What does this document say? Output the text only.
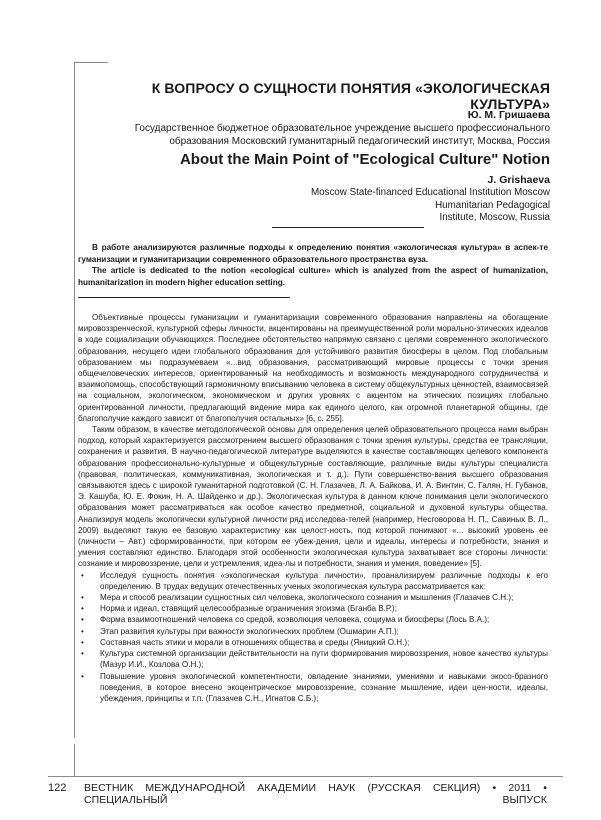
К ВОПРОСУ О СУЩНОСТИ ПОНЯТИЯ «ЭКОЛОГИЧЕСКАЯ КУЛЬТУРА»
Ю. М. Гришаева
Государственное бюджетное образовательное учреждение высшего профессионального
образования Московский гуманитарный педагогический институт, Москва, Россия
About the Main Point of "Ecological Culture" Notion
J. Grishaeva
Moscow State-financed Educational Institution Moscow Humanitarian Pedagogical
Institute, Moscow, Russia

В работе анализируются различные подходы к определению понятия «экологическая культура» в аспек-те гуманизации и гуманитаризации современного образовательного пространства вуза.

The article is dedicated to the notion «ecological culture» which is analyzed from the aspect of humanization, humanitarization in modern higher education setting.

Объективные процессы гуманизации и гуманитаризации современного образования направлены на обогащение мировоззренческой, культурной сферы личности, акцентированы на преимущественной роли морально-этических идеалов в ходе социализации обучающихся. Последнее обстоятельство напрямую связано с целями современного экологического образования, несущего идеи глобального образования для устойчивого развития биосферы в целом. Под глобальным образованием мы подразумеваем «...вид образования, рассматривающий мировые процессы с точки зрения общечеловеческих интересов, ориентированный на необходимость и возможность международного сотрудничества и взаимопомощь, способствующий гармоничному вписыванию человека в систему общекультурных ценностей, взаимосвязей на социальном, экологическом, экономическом и других уровнях с акцентом на этических позициях глобально ориентированной личности, предлагающий видение мира как единого целого, как огромной планетарной общины, где благополучие каждого зависит от благополучия остальных» [6, с. 255].

Таким образом, в качестве методологической основы для определения целей образовательного процесса нами выбран подход, который характеризуется рассмотрением высшего образования с точки зрения культуры, средства ее трансляции, сохранения и развития. В научно-педагогической литературе выделяются в качестве составляющих целевого компонента образования профессионально-культурные и общекультурные составляющие, различные виды культуры специалиста (правовая, политическая, коммуникативная, экологическая и т. д.). Пути совершенство-вания высшего образования связываются здесь с широкой гуманитарной подготовкой (С. Н. Глазачев, Л. А. Байкова, И. А. Винтин, С. Галян, Н. Губанов, Э. Кашуба, Ю. Е. Фокин, Н. А. Шайденко и др.). Экологическая культура в данном ключе понимания цели экологического образования может рассматриваться как особое качество предметной, социальной и духовной культуры общества. Анализируя модель экологически культурной личности ряд исследова-телей (например, Несговорова Н. П., Савиных В. Л., 2009) выделяют такую ее базовую характеристику как целост-ность, под которой понимают «... высокий уровень ее (личности – Авт.) сформированности, при котором ее убеж-дения, цели и идеалы, интересы и потребности, знания и умения составляют единство. Благодаря этой особенности экологическая культура захватывает все стороны личности: сознание и мировоззрение, цели и устремления, идеа-лы и потребности, знания и умения, поведение» [5].

• Исследуя сущность понятия «экологическая культура личности», проанализируем различные подходы к его определению. В трудах ведущих отечественных ученых экологическая культура рассматривается как:
• Мера и способ реализации сущностных сил человека, экологического сознания и мышления (Глазачев С.Н.);
• Норма и идеал, ставящий целесообразные ограничения эгоизма (Бганба В.Р.);
• Форма взаимоотношений человека со средой, коэволюция человека, социума и биосферы (Лось В.А.);
• Этап развития культуры при важности экологических проблем (Ошмарин А.П.);
• Составная часть этики и морали в отношениях общества и среды (Яницкий О.Н.);
• Культура системной организации действительности на пути формирования мировоззрения, новое качество культуры (Мазур И.И., Козлова О.Н.);
• Повышение уровня экологической компетентности, овладение знаниями, умениями и навыками экосо-бразного поведения, в которое внесено экоцентрическое мировоззрение, сознание мышление, идеи цен-ности, идеалы, убеждения, принципы и т.п. (Глазачев С.Н., Игнатов С.Б.);
122 ВЕСТНИК МЕЖДУНАРОДНОЙ АКАДЕМИИ НАУК (РУССКАЯ СЕКЦИЯ) • 2011 • СПЕЦИАЛЬНЫЙ ВЫПУСК
